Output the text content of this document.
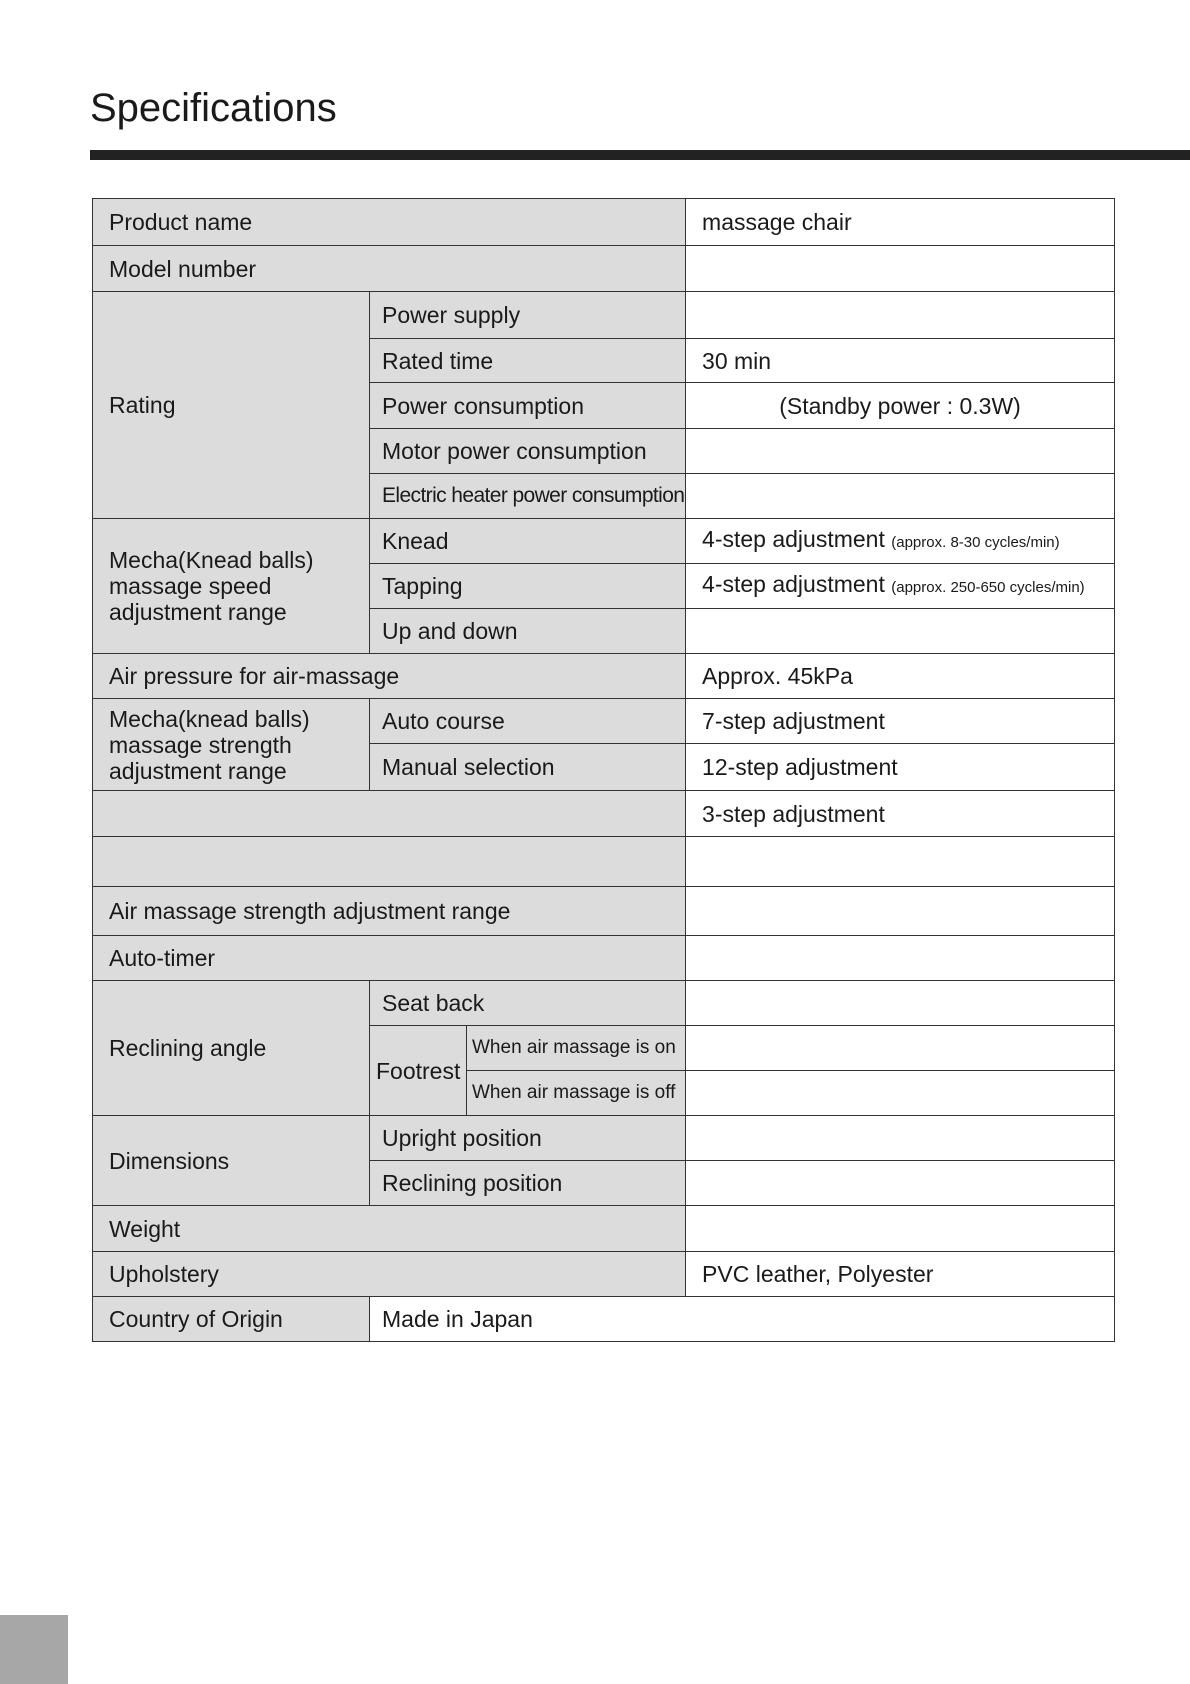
Specifications
Product name			massage chair
Model number			
Rating	Power supply		
	Rated time		30 min
	Power consumption		(Standby power : 0.3W)
	Motor power consumption		
	Electric heater power consumption		
Mecha(Knead balls) massage speed adjustment range	Knead		4-step adjustment (approx. 8-30 cycles/min)
	Tapping		4-step adjustment (approx. 250-650 cycles/min)
	Up and down		
Air pressure for air-massage			Approx. 45kPa
Mecha(knead balls) massage strength adjustment range	Auto course		7-step adjustment
	Manual selection		12-step adjustment
			3-step adjustment

Air massage strength adjustment range			
Auto-timer			
Reclining angle	Seat back		
	Footrest	When air massage is on	
		When air massage is off	
Dimensions	Upright position		
	Reclining position		
Weight			
Upholstery			PVC leather, Polyester
Country of Origin	Made in Japan		
